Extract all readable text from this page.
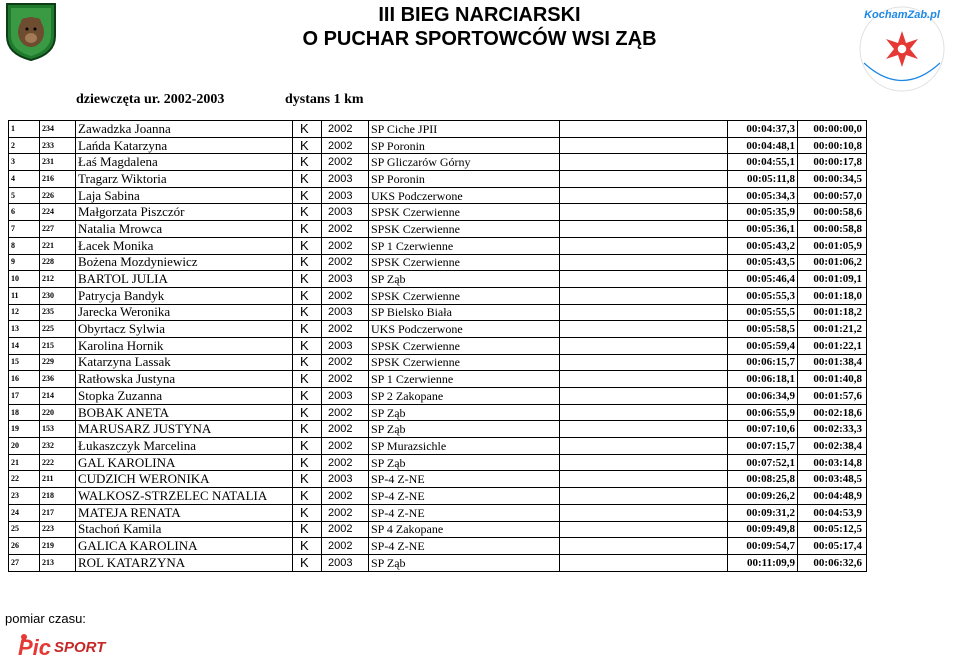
III BIEG NARCIARSKI
O PUCHAR SPORTOWCÓW WSI ZĄB
KochamZab.pl
dziewczęta ur. 2002-2003	dystans 1 km
1	234	Zawadzka Joanna	K	2002	SP Ciche JPII		00:04:37,3	00:00:00,0
2	233	Lańda Katarzyna	K	2002	SP Poronin		00:04:48,1	00:00:10,8
3	231	Łaś Magdalena	K	2002	SP Gliczarów Górny		00:04:55,1	00:00:17,8
4	216	Tragarz Wiktoria	K	2003	SP Poronin		00:05:11,8	00:00:34,5
5	226	Laja Sabina	K	2003	UKS Podczerwone		00:05:34,3	00:00:57,0
6	224	Małgorzata Piszczór	K	2003	SPSK Czerwienne		00:05:35,9	00:00:58,6
7	227	Natalia Mrowca	K	2002	SPSK Czerwienne		00:05:36,1	00:00:58,8
8	221	Łacek Monika	K	2002	SP 1 Czerwienne		00:05:43,2	00:01:05,9
9	228	Bożena Mozdyniewicz	K	2002	SPSK Czerwienne		00:05:43,5	00:01:06,2
10	212	BARTOL JULIA	K	2003	SP Ząb		00:05:46,4	00:01:09,1
11	230	Patrycja Bandyk	K	2002	SPSK Czerwienne		00:05:55,3	00:01:18,0
12	235	Jarecka Weronika	K	2003	SP Bielsko Biała		00:05:55,5	00:01:18,2
13	225	Obyrtacz Sylwia	K	2002	UKS Podczerwone		00:05:58,5	00:01:21,2
14	215	Karolina Hornik	K	2003	SPSK Czerwienne		00:05:59,4	00:01:22,1
15	229	Katarzyna Lassak	K	2002	SPSK Czerwienne		00:06:15,7	00:01:38,4
16	236	Ratłowska Justyna	K	2002	SP 1 Czerwienne		00:06:18,1	00:01:40,8
17	214	Stopka Zuzanna	K	2003	SP 2 Zakopane		00:06:34,9	00:01:57,6
18	220	BOBAK ANETA	K	2002	SP Ząb		00:06:55,9	00:02:18,6
19	153	MARUSARZ JUSTYNA	K	2002	SP Ząb		00:07:10,6	00:02:33,3
20	232	Łukaszczyk Marcelina	K	2002	SP Murazsichle		00:07:15,7	00:02:38,4
21	222	GAL KAROLINA	K	2002	SP Ząb		00:07:52,1	00:03:14,8
22	211	CUDZICH WERONIKA	K	2003	SP-4 Z-NE		00:08:25,8	00:03:48,5
23	218	WALKOSZ-STRZELEC NATALIA	K	2002	SP-4 Z-NE		00:09:26,2	00:04:48,9
24	217	MATEJA RENATA	K	2002	SP-4 Z-NE		00:09:31,2	00:04:53,9
25	223	Stachoń Kamila	K	2002	SP 4 Zakopane		00:09:49,8	00:05:12,5
26	219	GALICA KAROLINA	K	2002	SP-4 Z-NE		00:09:54,7	00:05:17,4
27	213	ROL KATARZYNA	K	2003	SP Ząb		00:11:09,9	00:06:32,6
pomiar czasu:
Pic SPORT
